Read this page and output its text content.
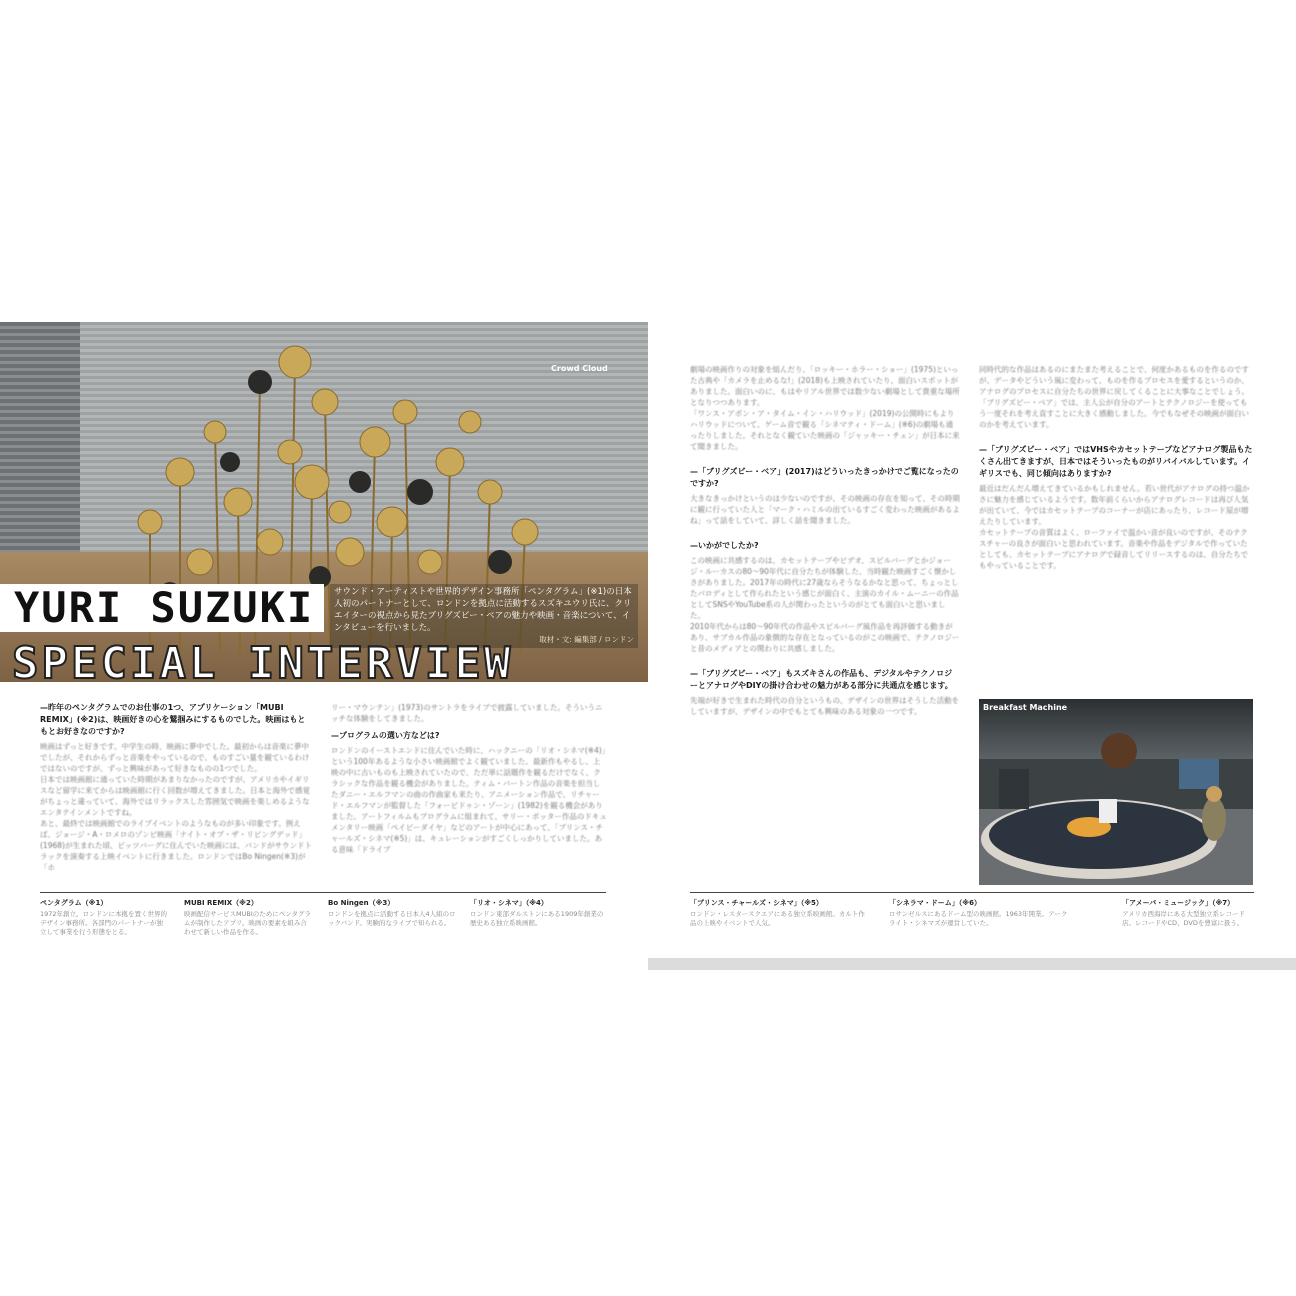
Crowd Cloud
YURI SUZUKI
SPECIAL INTERVIEW
サウンド・アーティストや世界的デザイン事務所「ペンタグラム」(※1)の日本人初のパートナーとして、ロンドンを拠点に活動するスズキユウリ氏に、クリエイターの視点から見たブリグズビー・ベアの魅力や映画・音楽について、インタビューを行いました。
取材・文: 編集部 / ロンドン
—昨年のペンタグラムでのお仕事の1つ、アプリケーション「MUBI REMIX」(※2)は、映画好きの心を鷲掴みにするものでした。映画はもともとお好きなのですか?
映画はずっと好きです。中学生の時、映画に夢中でした。最初からは音楽に夢中でしたが、それからずっと音楽をやっているので、ものすごい量を観ているわけではないのですが、ずっと興味があって好きなものの1つでした。
日本では映画館に通っていた時期があまりなかったのですが、アメリカやイギリスなど留学に来てからは映画館に行く回数が増えてきました。日本と海外で感覚がちょっと違っていて、海外ではリラックスした雰囲気で映画を楽しめるようなエンタテインメントですね。
あと、最終では映画館でのライブイベントのようなものが多い印象です。例えば、ジョージ・A・ロメロのゾンビ映画「ナイト・オブ・ザ・リビングデッド」(1968)が生まれた頃、ピッツバーグに住んでいた映画には、バンドがサウンドトラックを演奏する上映イベントに行きました。ロンドンではBo Ningen(※3)が「ホ
リー・マウンテン」(1973)のサントラをライブで披露していました。そういうニッチな体験をしてきました。
—プログラムの選い方などは?
ロンドンのイーストエンドに住んでいた時に、ハックニーの「リオ・シネマ(※4)」という100年あるような小さい映画館でよく観ていました。最新作もやるし、上映の中に古いものも上映されていたので、ただ単に話題作を観るだけでなく、クラシックな作品を観る機会がありました。ティム・バートン作品の音楽を担当したダニー・エルフマンの曲の作曲家も来たり、アニメーション作品で、リチャード・エルフマンが監督した「フォービドゥン・ゾーン」(1982)を観る機会がありました。アートフィルムもプログラムに組まれて、サリー・ポッター作品のドキュメンタリー映画「ペイビーダイヤ」などのアートが中心にあって、「ブリンス・チャールズ・シネマ(※5)」は、キュレーションがすごくしっかりしていました。ある意味「ドライブ
ペンタグラム（※1）
1972年創立。ロンドンに本拠を置く世界的デザイン事務所。各部門のパートナーが独立して事業を行う形態をとる。
MUBI REMIX（※2）
映画配信サービスMUBIのためにペンタグラムが制作したアプリ。映画の要素を組み合わせて新しい作品を作る。
Bo Ningen（※3）
ロンドンを拠点に活動する日本人4人組のロックバンド。実験的なライブで知られる。
「リオ・シネマ」（※4）
ロンドン東部ダルストンにある1909年創業の歴史ある独立系映画館。
劇場の映画作りの対象を組んだり、「ロッキー・ホラー・ショー」(1975)といった古典や「カメラを止めるな!」(2018)も上映されていたり、面白いスポットがありました。面白いのに、もはやリアル世界では数少ない劇場として貴重な場所となりつつあります。
「ワンス・アポン・ア・タイム・イン・ハリウッド」(2019)の公開時にもよりハリウッドについて、ゲーム音で観る「シネマティ・ドーム」(※6)の劇場も通ったりしました。それとなく観ていた映画の「ジャッキー・チェン」が日本に来て聞きました。
—「ブリグズビー・ベア」(2017)はどういったきっかけでご覧になったのですか?
大きなきっかけというのは少ないのですが、その映画の存在を知って、その時期に観に行っていた人と「マーク・ハミルの出ているすごく変わった映画があるよね」って話をしていて、詳しく話を聞きました。
—いかがでしたか?
この映画に共感するのは、カセットテープやビデオ、スピルバーグとかジョージ・ルーカスの80〜90年代に自分たちが体験した、当時観た映画すごく懐かしさがありました。2017年の時代に27歳ならそうなるかなと思って、ちょっとしたパロディとして作られたという感じが面白く、主演のカイル・ムーニーの作品としてSNSやYouTube系の人が関わったというのがとても面白いと思いました。
2010年代からは80〜90年代の作品やスピルバーグ風作品を再評価する動きがあり、サブカル作品の象徴的な存在となっているのがこの映画で、テクノロジーと昔のメディアとの関わりに共感しました。
—「ブリグズビー・ベア」もスズキさんの作品も、デジタルやテクノロジーとアナログやDIYの掛け合わせの魅力がある部分に共通点を感じます。
先端が好きで生まれた時代の自分というもの、デザインの世界はそうした活動をしていますが、デザインの中でもとても興味のある対象の一つです。
同時代的な作品はあるのにまたまた考えることで、何度かあるものを作るのですが、データやどういう風に変わって、ものを作るプロセスを愛するというのか、アナログのプロセスに自分たちの世界に戻してくることに大事なことでしょう。
「ブリグズビー・ベア」では、主人公が自分のアートとテクノロジーを使ってもう一度それを考え直すことに大きく感動しました。今でもなぜその映画が面白いのかを考えています。
—「ブリグズビー・ベア」ではVHSやカセットテープなどアナログ製品もたくさん出てきますが、日本ではそういったものがリバイバルしています。イギリスでも、同じ傾向はありますか?
最近はだんだん増えてきているかもしれません。若い世代がアナログの持つ温かさに魅力を感じているようです。数年前くらいからアナログレコードは再び人気が出ていて、今ではカセットテープのコーナーが店にあったり、レコード屋が増えたりしています。
カセットテープの音質はよく、ローファイで温かい音が良いのですが、そのテクスチャーの良さが面白いと思われています。音楽や作品をデジタルで作っていたとしても、カセットテープにアナログで録音してリリースするのは、自分たちでもやっていることです。
Breakfast Machine
「プリンス・チャールズ・シネマ」（※5）
ロンドン・レスタースクエアにある独立系映画館。カルト作品の上映やイベントで人気。
「シネラマ・ドーム」（※6）
ロサンゼルスにあるドーム型の映画館。1963年開業。アークライト・シネマズが運営していた。
「アメーバ・ミュージック」（※7）
アメリカ西海岸にある大型独立系レコード店。レコードやCD、DVDを豊富に扱う。
